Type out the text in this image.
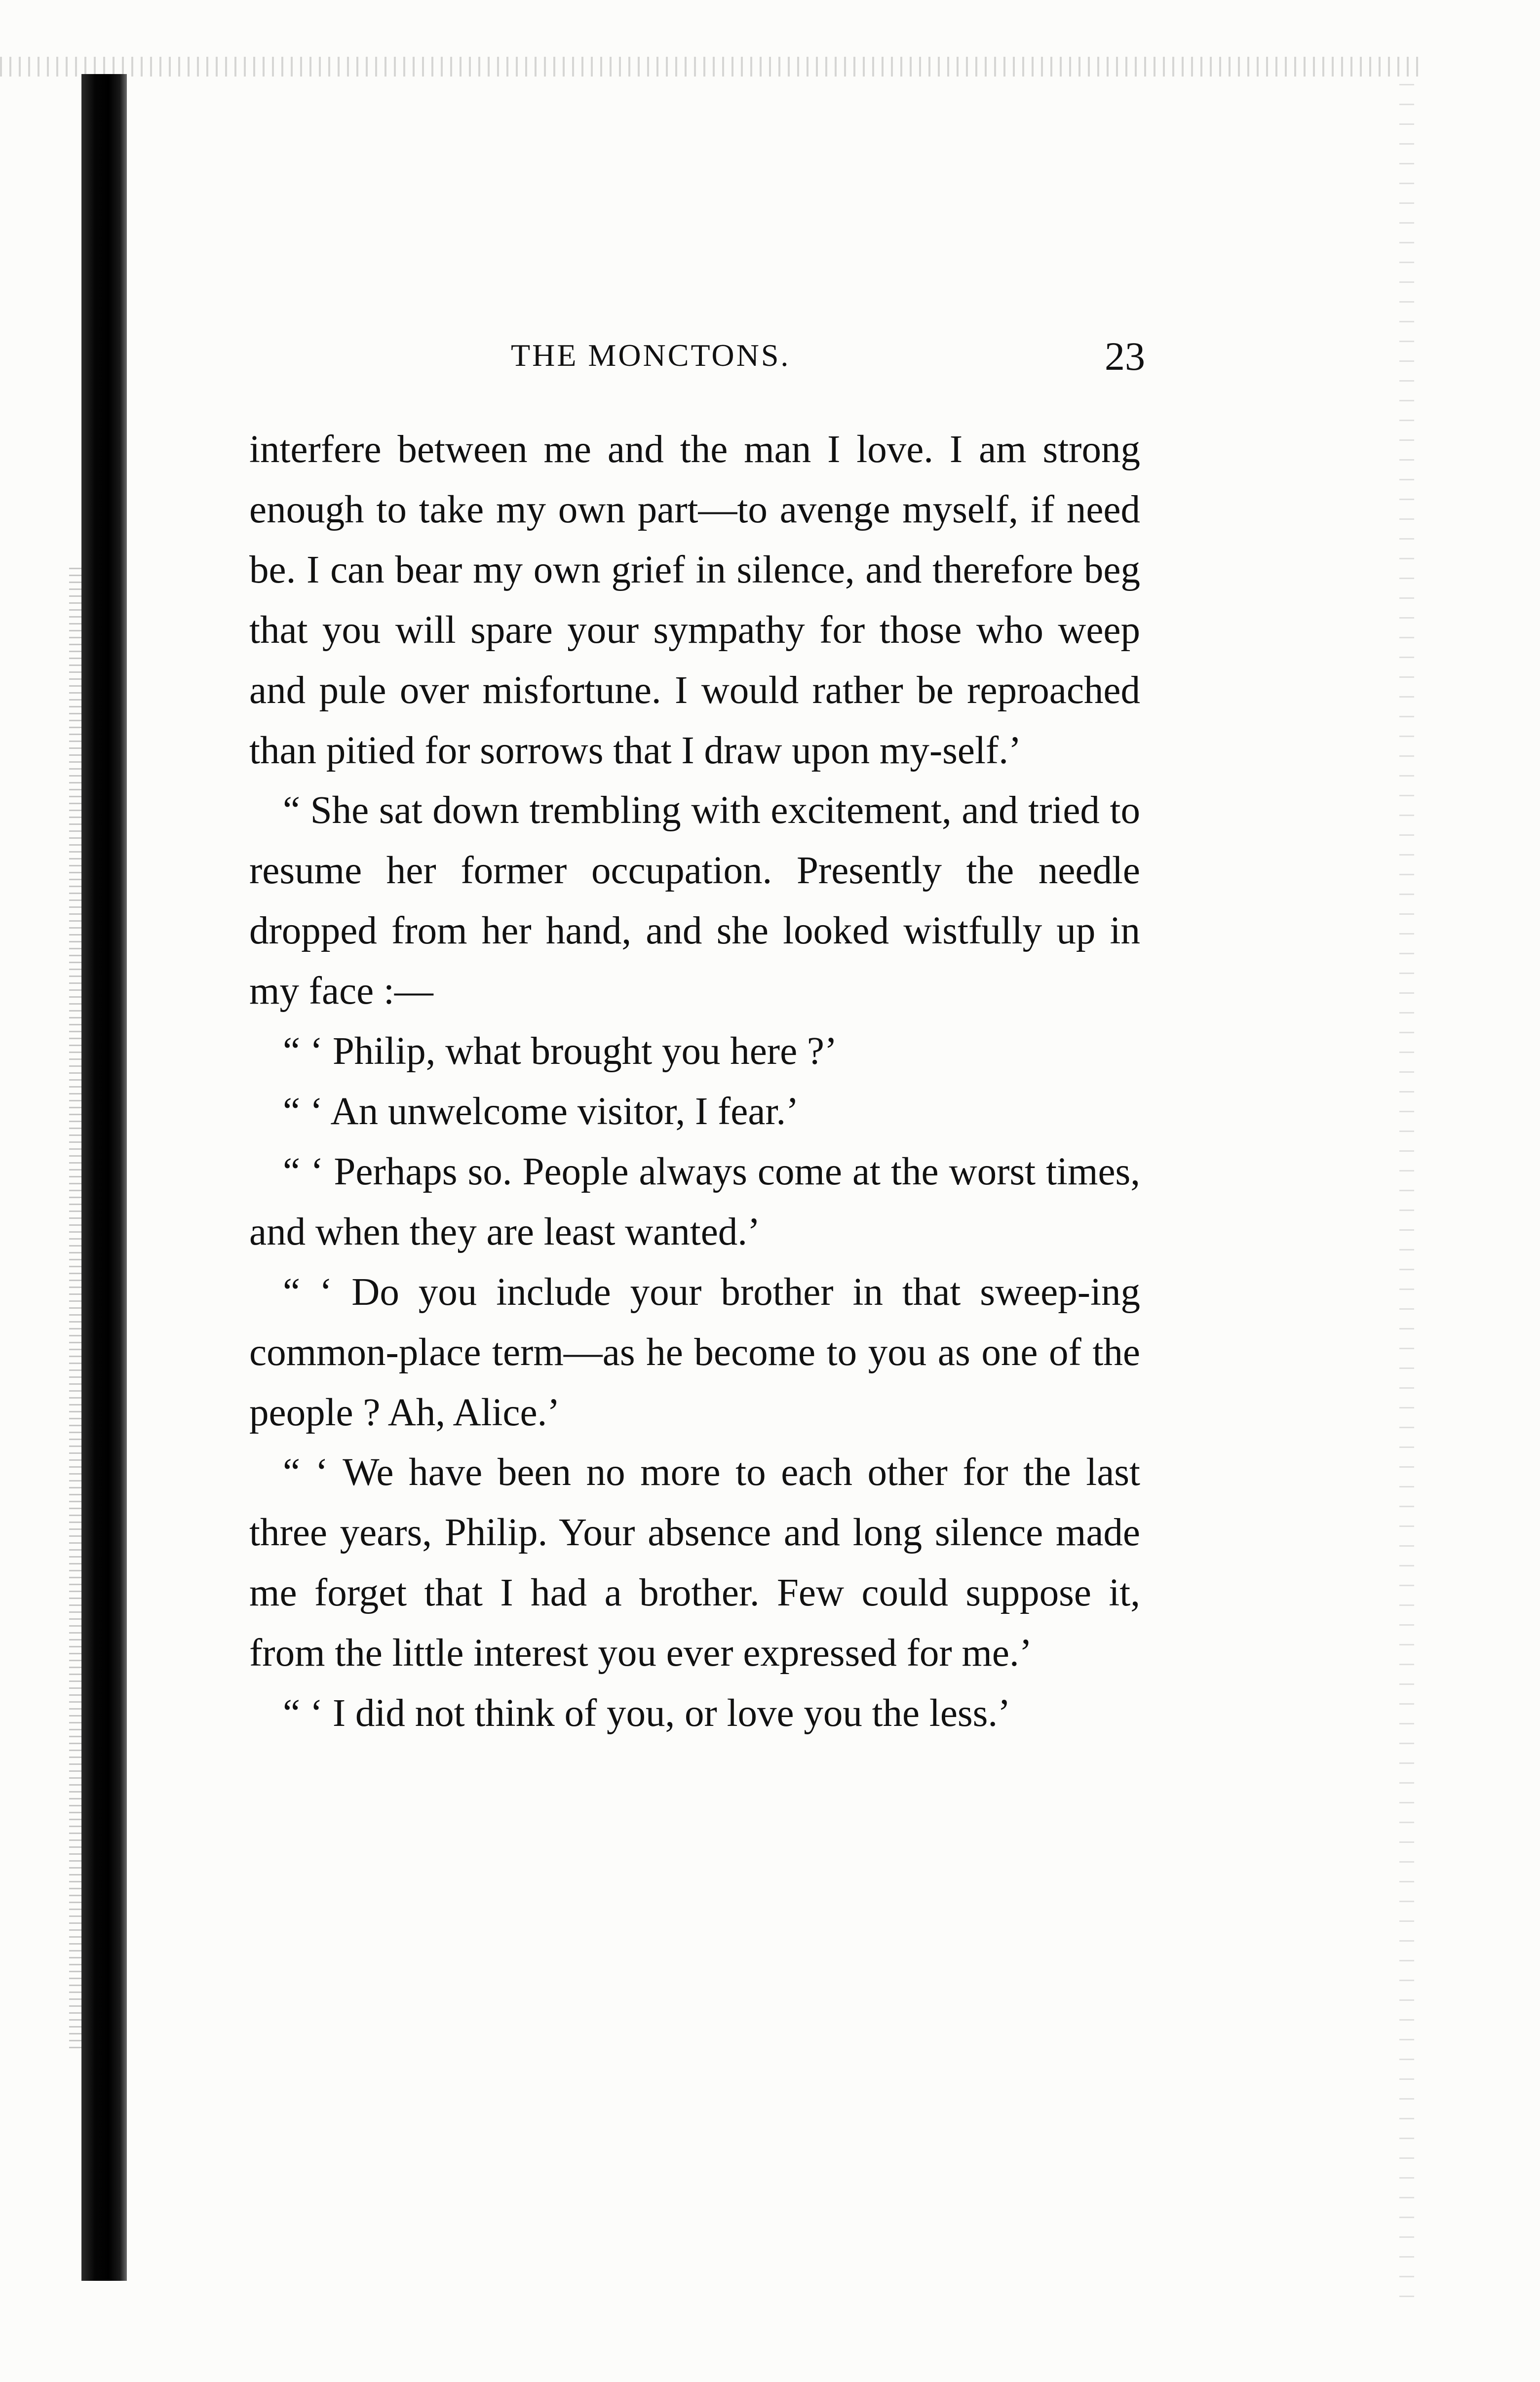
THE MONCTONS.	23

interfere between me and the man I love. I am strong enough to take my own part—to avenge myself, if need be. I can bear my own grief in silence, and therefore beg that you will spare your sympathy for those who weep and pule over misfortune. I would rather be reproached than pitied for sorrows that I draw upon my-self.’

“ She sat down trembling with excitement, and tried to resume her former occupation. Presently the needle dropped from her hand, and she looked wistfully up in my face :—

“ ‘ Philip, what brought you here ?’

“ ‘ An unwelcome visitor, I fear.’

“ ‘ Perhaps so. People always come at the worst times, and when they are least wanted.’

“ ‘ Do you include your brother in that sweep-ing common-place term—as he become to you as one of the people ? Ah, Alice.’

“ ‘ We have been no more to each other for the last three years, Philip. Your absence and long silence made me forget that I had a brother. Few could suppose it, from the little interest you ever expressed for me.’

“ ‘ I did not think of you, or love you the less.’
